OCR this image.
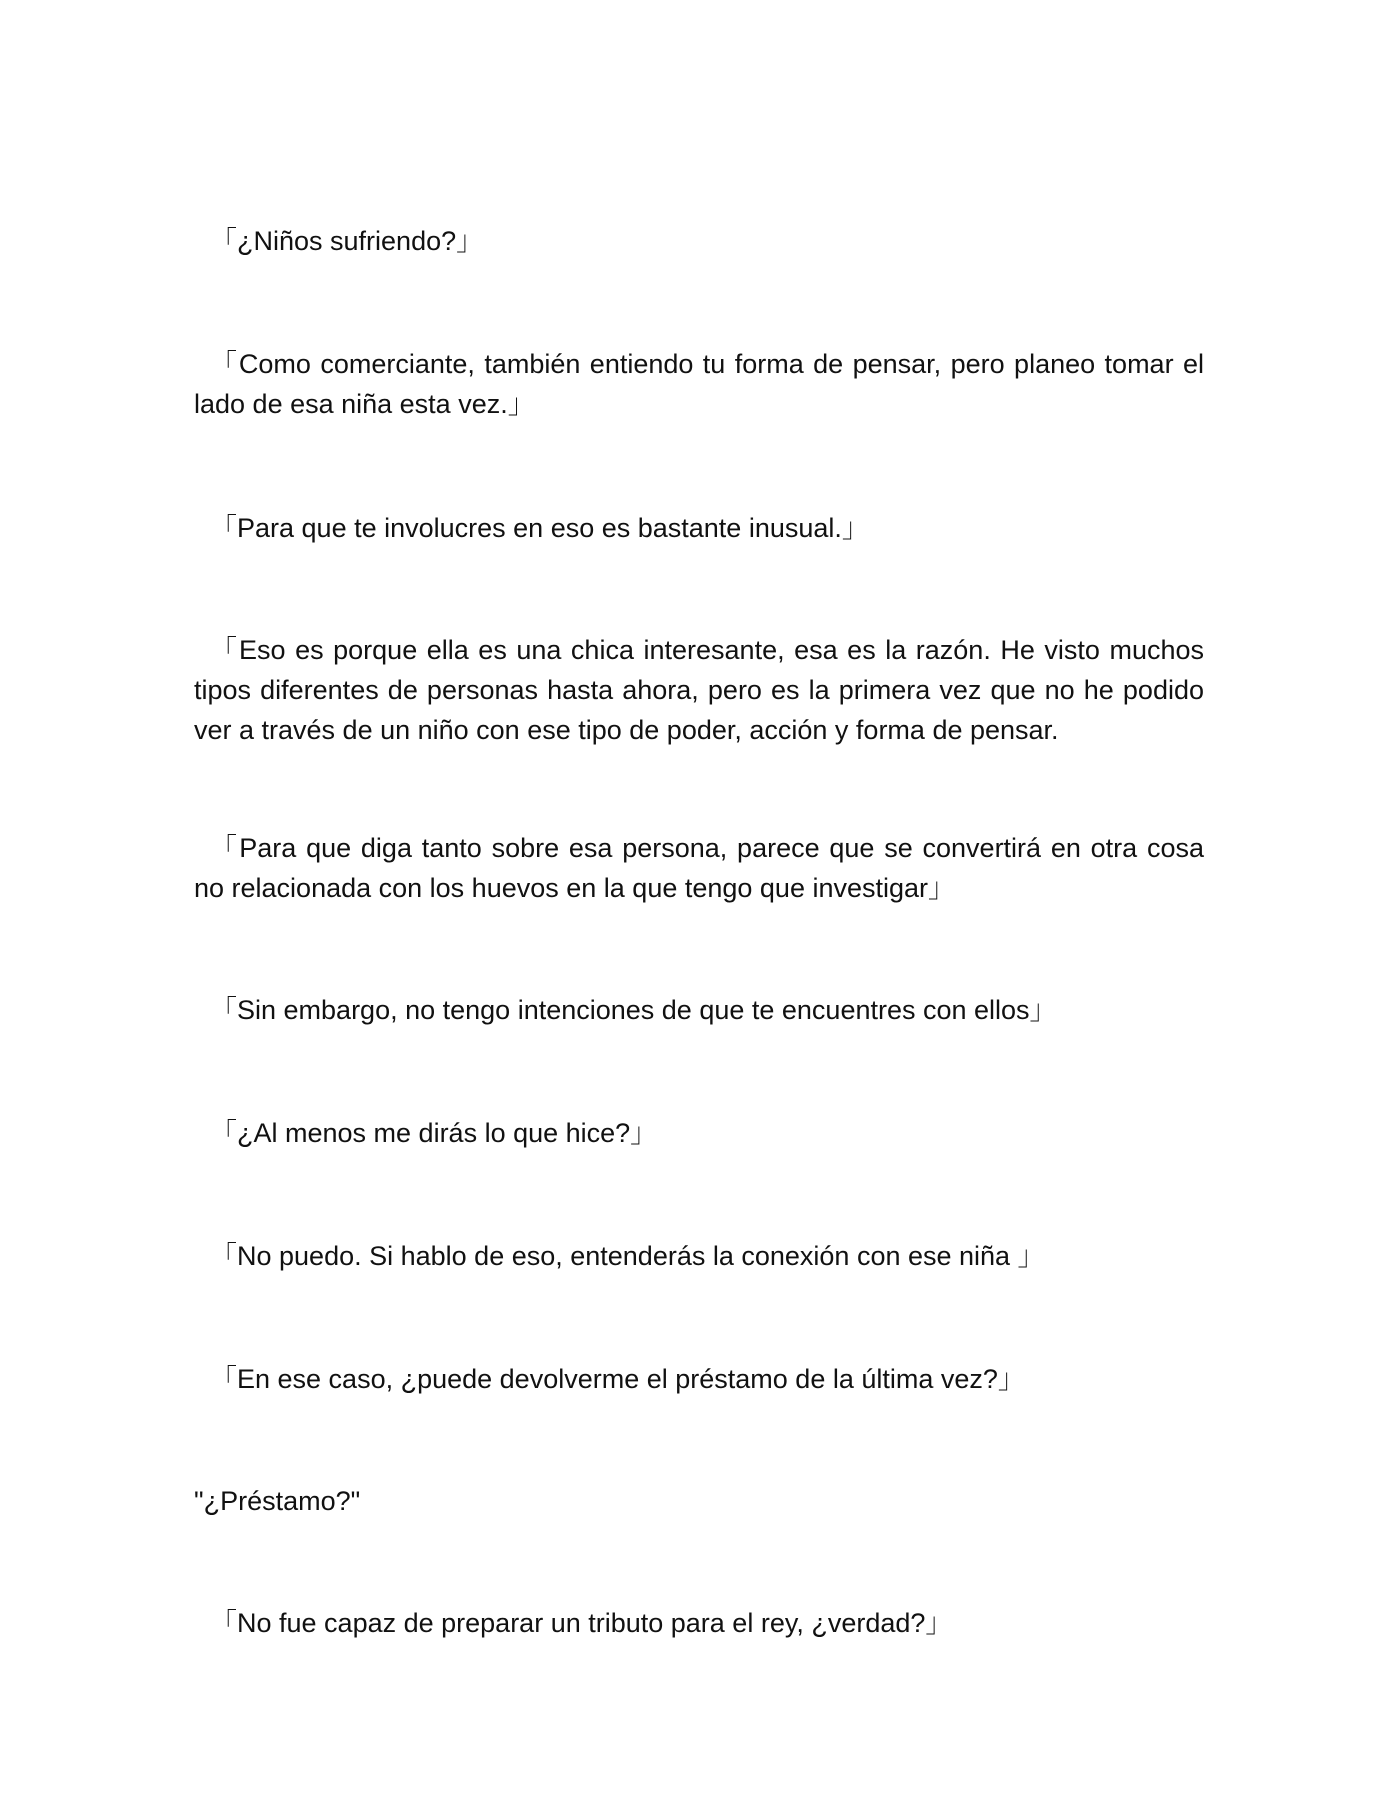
「¿Niños sufriendo?」

「Como comerciante, también entiendo tu forma de pensar, pero planeo tomar el lado de esa niña esta vez.」

「Para que te involucres en eso es bastante inusual.」

「Eso es porque ella es una chica interesante, esa es la razón. He visto muchos tipos diferentes de personas hasta ahora, pero es la primera vez que no he podido ver a través de un niño con ese tipo de poder, acción y forma de pensar.

「Para que diga tanto sobre esa persona, parece que se convertirá en otra cosa no relacionada con los huevos en la que tengo que investigar」

「Sin embargo, no tengo intenciones de que te encuentres con ellos」

「¿Al menos me dirás lo que hice?」

「No puedo. Si hablo de eso, entenderás la conexión con ese niña 」

「En ese caso, ¿puede devolverme el préstamo de la última vez?」

"¿Préstamo?"

「No fue capaz de preparar un tributo para el rey, ¿verdad?」
